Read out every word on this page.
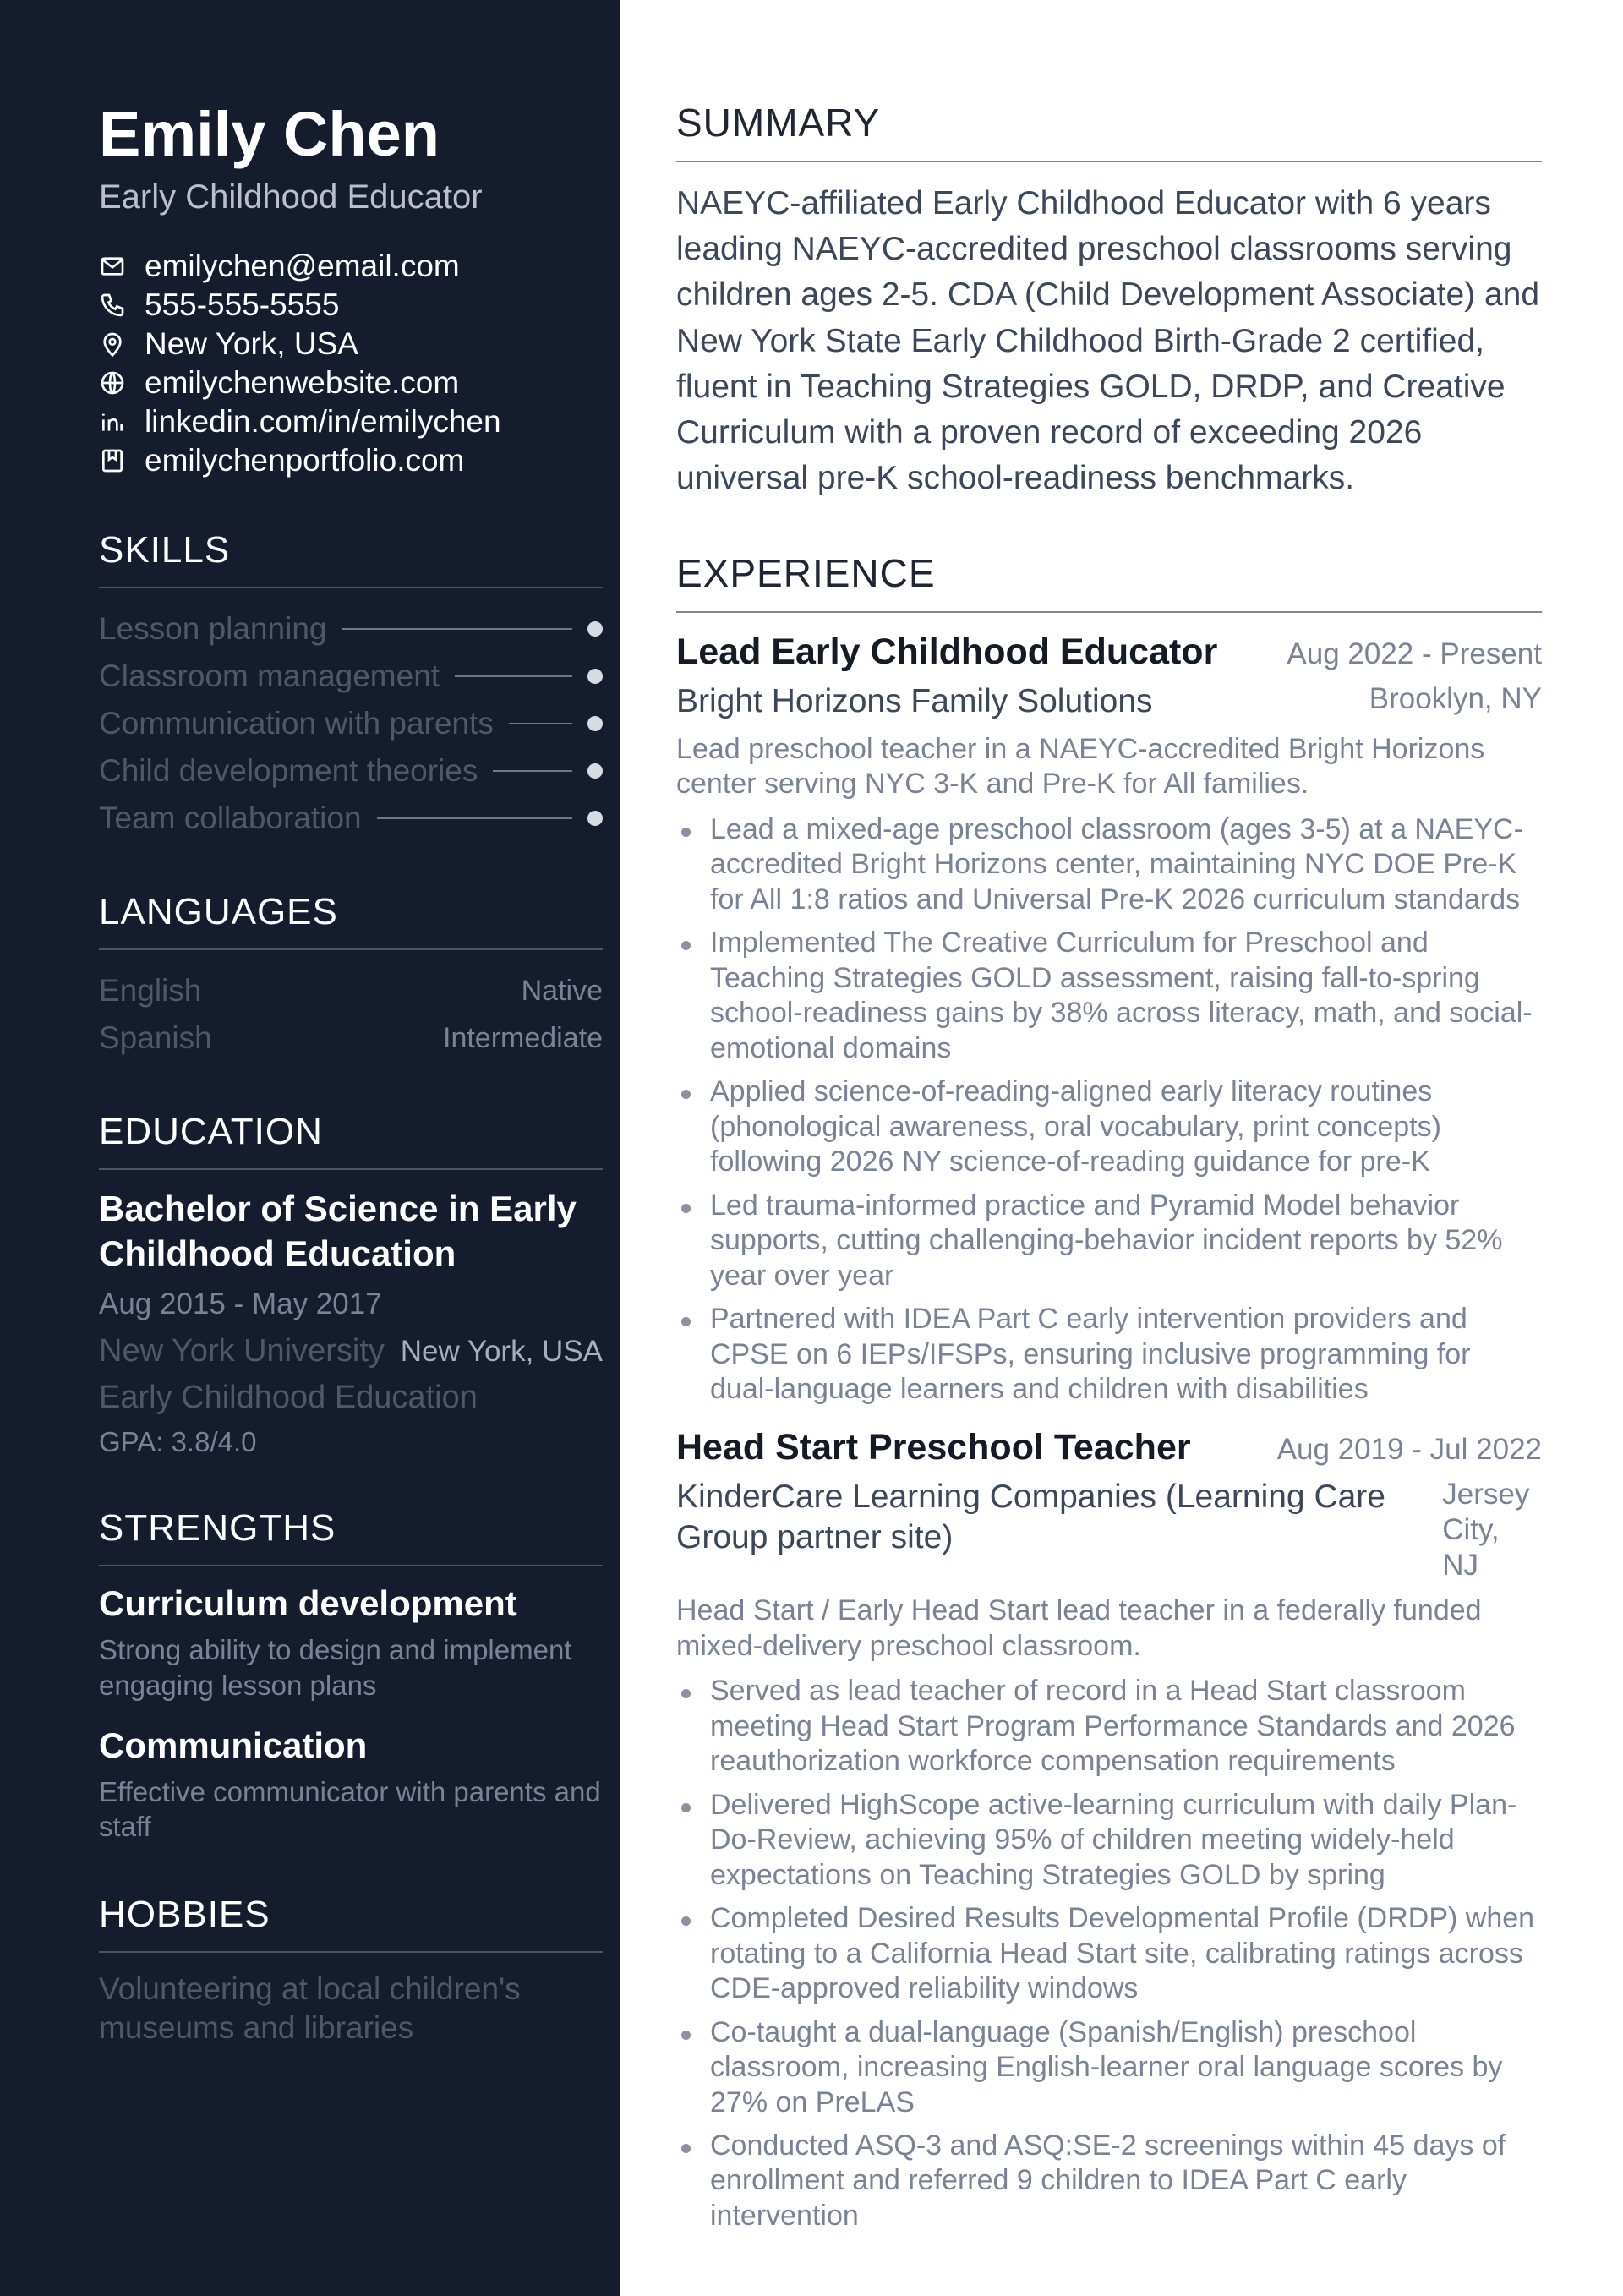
Emily Chen
Early Childhood Educator
emilychen@email.com
555-555-5555
New York, USA
emilychenwebsite.com
linkedin.com/in/emilychen
emilychenportfolio.com
SKILLS
Lesson planning
Classroom management
Communication with parents
Child development theories
Team collaboration
LANGUAGES
English	Native
Spanish	Intermediate
EDUCATION
Bachelor of Science in Early Childhood Education
Aug 2015 - May 2017
New York University New York, USA
Early Childhood Education
GPA: 3.8/4.0
STRENGTHS
Curriculum development
Strong ability to design and implement engaging lesson plans
Communication
Effective communicator with parents and staff
HOBBIES
Volunteering at local children's museums and libraries
SUMMARY

NAEYC-affiliated Early Childhood Educator with 6 years leading NAEYC-accredited preschool classrooms serving children ages 2-5. CDA (Child Development Associate) and New York State Early Childhood Birth-Grade 2 certified, fluent in Teaching Strategies GOLD, DRDP, and Creative Curriculum with a proven record of exceeding 2026 universal pre-K school-readiness benchmarks.

EXPERIENCE
Lead Early Childhood Educator Aug 2022 - Present
Bright Horizons Family Solutions	Brooklyn, NY
Lead preschool teacher in a NAEYC-accredited Bright Horizons center serving NYC 3-K and Pre-K for All families.
Lead a mixed-age preschool classroom (ages 3-5) at a NAEYC-accredited Bright Horizons center, maintaining NYC DOE Pre-K for All 1:8 ratios and Universal Pre-K 2026 curriculum standards
Implemented The Creative Curriculum for Preschool and Teaching Strategies GOLD assessment, raising fall-to-spring school-readiness gains by 38% across literacy, math, and social-emotional domains
Applied science-of-reading-aligned early literacy routines (phonological awareness, oral vocabulary, print concepts) following 2026 NY science-of-reading guidance for pre-K
Led trauma-informed practice and Pyramid Model behavior supports, cutting challenging-behavior incident reports by 52% year over year
Partnered with IDEA Part C early intervention providers and CPSE on 6 IEPs/IFSPs, ensuring inclusive programming for dual-language learners and children with disabilities
Head Start Preschool Teacher	Aug 2019 - Jul 2022
KinderCare Learning Companies (Learning Care Group partner site)
Jersey City, NJ
Head Start / Early Head Start lead teacher in a federally funded mixed-delivery preschool classroom.
Served as lead teacher of record in a Head Start classroom meeting Head Start Program Performance Standards and 2026 reauthorization workforce compensation requirements
Delivered HighScope active-learning curriculum with daily Plan-Do-Review, achieving 95% of children meeting widely-held expectations on Teaching Strategies GOLD by spring
Completed Desired Results Developmental Profile (DRDP) when rotating to a California Head Start site, calibrating ratings across CDE-approved reliability windows
Co-taught a dual-language (Spanish/English) preschool classroom, increasing English-learner oral language scores by 27% on PreLAS
Conducted ASQ-3 and ASQ:SE-2 screenings within 45 days of enrollment and referred 9 children to IDEA Part C early intervention
